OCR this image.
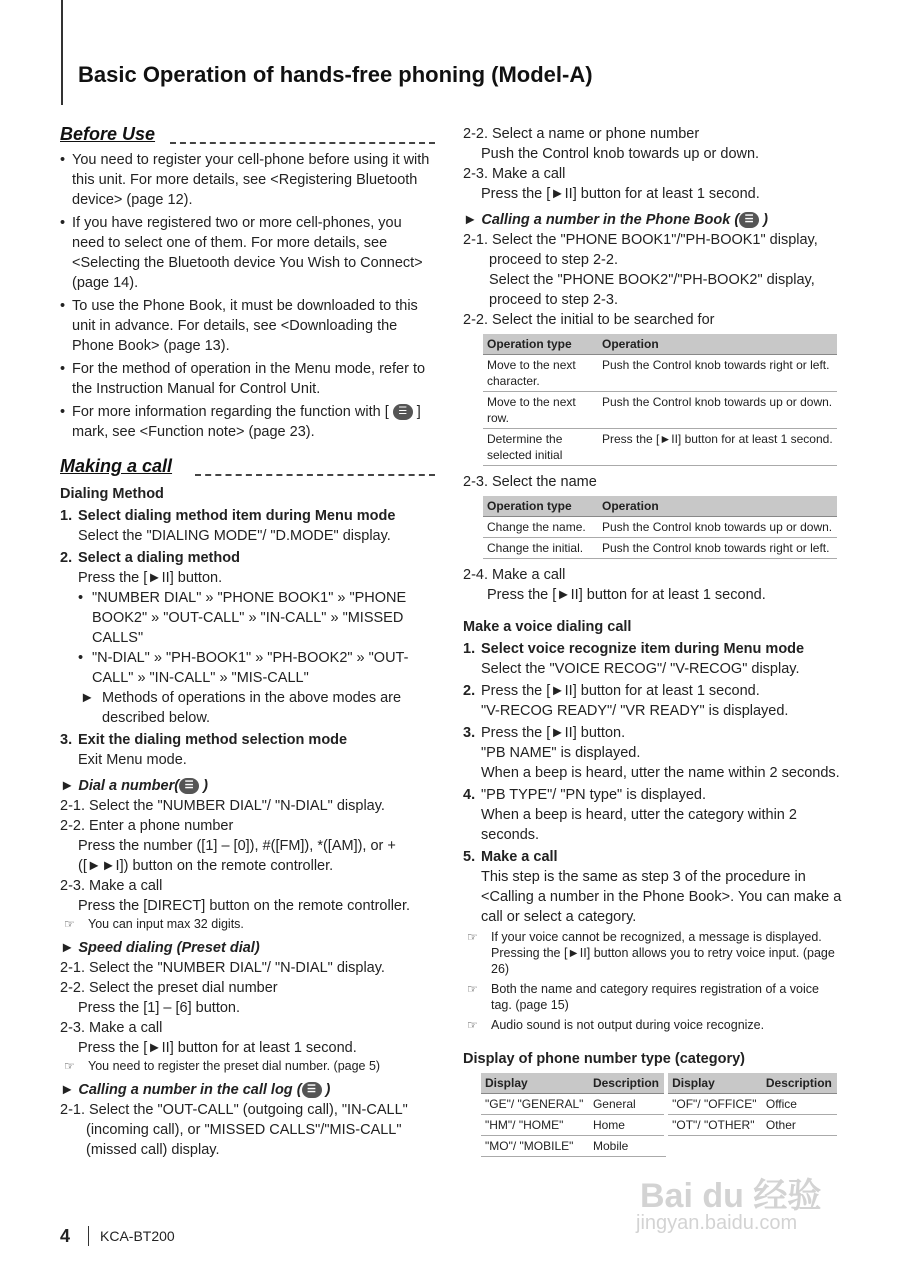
Basic Operation of hands-free phoning (Model-A)
Before Use
• You need to register your cell-phone before using it with this unit. For more details, see <Registering Bluetooth device> (page 12).
• If you have registered two or more cell-phones, you need to select one of them. For more details, see <Selecting the Bluetooth device You Wish to Connect> (page 14).
• To use the Phone Book, it must be downloaded to this unit in advance. For details, see <Downloading the Phone Book> (page 13).
• For the method of operation in the Menu mode, refer to the Instruction Manual for Control Unit.
• For more information regarding the function with [ ☰ ] mark, see <Function note> (page 23).
Making a call
Dialing Method
1. Select dialing method item during Menu mode
Select the "DIALING MODE"/ "D.MODE" display.
2. Select a dialing method
Press the [►II] button.
• "NUMBER DIAL" » "PHONE BOOK1" » "PHONE BOOK2" » "OUT-CALL" » "IN-CALL" » "MISSED CALLS"
• "N-DIAL" » "PH-BOOK1" » "PH-BOOK2" » "OUT-CALL" » "IN-CALL" » "MIS-CALL"
► Methods of operations in the above modes are described below.
3. Exit the dialing method selection mode
Exit Menu mode.
► Dial a number( ☰ )
2-1. Select the "NUMBER DIAL"/ "N-DIAL" display.
2-2. Enter a phone number
Press the number ([1] – [0]), #([FM]), *([AM]), or +([►►I]) button on the remote controller.
2-3. Make a call
Press the [DIRECT] button on the remote controller.
☞ You can input max 32 digits.
► Speed dialing (Preset dial)
2-1. Select the "NUMBER DIAL"/ "N-DIAL" display.
2-2. Select the preset dial number
Press the [1] – [6] button.
2-3. Make a call
Press the [►II] button for at least 1 second.
☞ You need to register the preset dial number. (page 5)
► Calling a number in the call log ( ☰ )
2-1. Select the "OUT-CALL" (outgoing call), "IN-CALL" (incoming call), or "MISSED CALLS"/"MIS-CALL" (missed call) display.
2-2. Select a name or phone number
Push the Control knob towards up or down.
2-3. Make a call
Press the [►II] button for at least 1 second.
► Calling a number in the Phone Book ( ☰ )
2-1. Select the "PHONE BOOK1"/"PH-BOOK1" display, proceed to step 2-2.
Select the "PHONE BOOK2"/"PH-BOOK2" display, proceed to step 2-3.
2-2. Select the initial to be searched for
Operation type	Operation
Move to the next character.	Push the Control knob towards right or left.
Move to the next row.	Push the Control knob towards up or down.
Determine the selected initial	Press the [►II] button for at least 1 second.
2-3. Select the name
Operation type	Operation
Change the name.	Push the Control knob towards up or down.
Change the initial.	Push the Control knob towards right or left.
2-4. Make a call
Press the [►II] button for at least 1 second.
Make a voice dialing call
1. Select voice recognize item during Menu mode
Select the "VOICE RECOG"/ "V-RECOG" display.
2. Press the [►II] button for at least 1 second.
"V-RECOG READY"/ "VR READY" is displayed.
3. Press the [►II] button.
"PB NAME" is displayed.
When a beep is heard, utter the name within 2 seconds.
4. "PB TYPE"/ "PN type" is displayed.
When a beep is heard, utter the category within 2 seconds.
5. Make a call
This step is the same as step 3 of the procedure in <Calling a number in the Phone Book>. You can make a call or select a category.
☞ If your voice cannot be recognized, a message is displayed. Pressing the [►II] button allows you to retry voice input. (page 26)
☞ Both the name and category requires registration of a voice tag. (page 15)
☞ Audio sound is not output during voice recognize.
Display of phone number type (category)
Display	Description	Display	Description
"GE"/ "GENERAL"	General	"OF"/ "OFFICE"	Office
"HM"/ "HOME"	Home	"OT"/ "OTHER"	Other
"MO"/ "MOBILE"	Mobile		
4 KCA-BT200
Bai du 经验
jingyan.baidu.com
